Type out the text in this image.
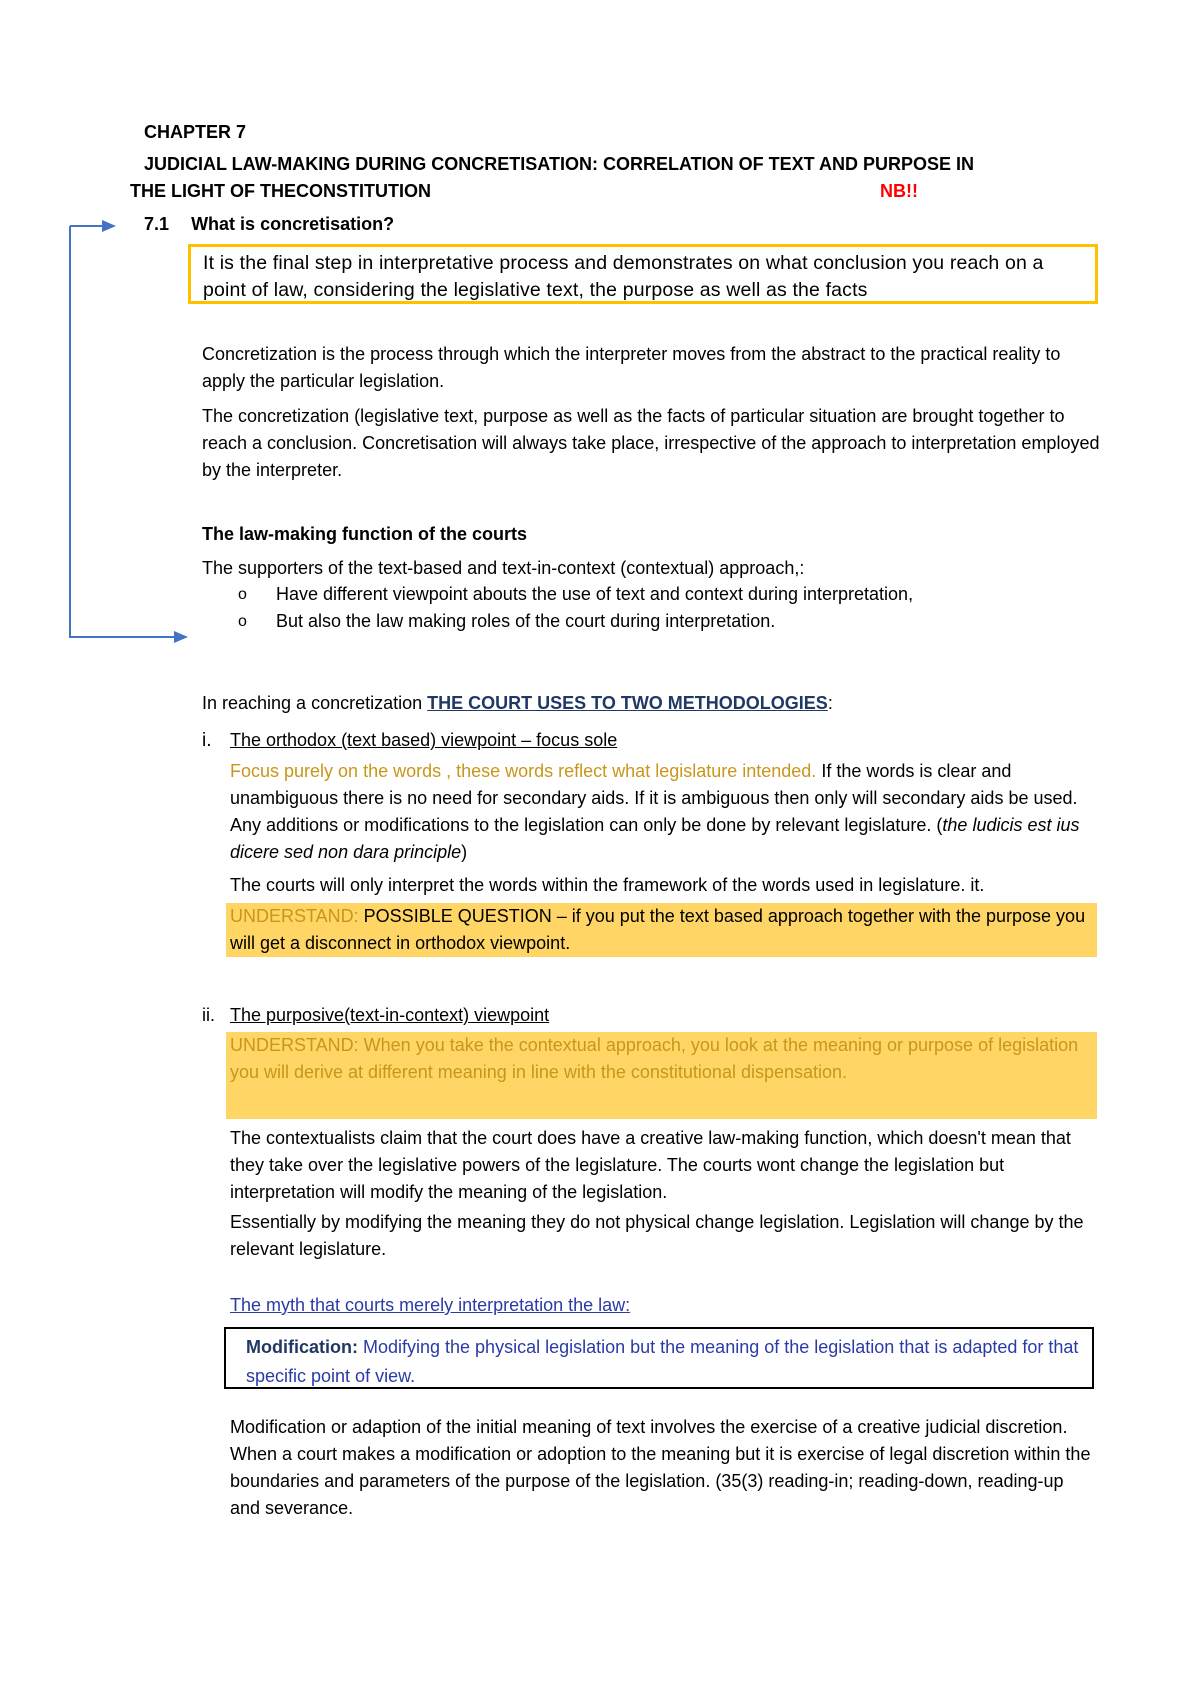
CHAPTER 7
JUDICIAL LAW-MAKING DURING CONCRETISATION: CORRELATION OF TEXT AND PURPOSE IN
THE LIGHT OF THECONSTITUTION	NB!!
7.1 What is concretisation?

It is the final step in interpretative process and demonstrates on what conclusion you reach on a point of law, considering the legislative text, the purpose as well as the facts

Concretization is the process through which the interpreter moves from the abstract to the practical reality to apply the particular legislation.

The concretization (legislative text, purpose as well as the facts of particular situation are brought together to reach a conclusion. Concretisation will always take place, irrespective of the approach to interpretation employed by the interpreter.

The law-making function of the courts
The supporters of the text-based and text-in-context (contextual) approach,:
o	Have different viewpoint abouts the use of text and context during interpretation,
o	But also the law making roles of the court during interpretation.
In reaching a concretization THE COURT USES TO TWO METHODOLOGIES:
i. The orthodox (text based) viewpoint – focus sole

Focus purely on the words , these words reflect what legislature intended. If the words is clear and unambiguous there is no need for secondary aids. If it is ambiguous then only will secondary aids be used. Any additions or modifications to the legislation can only be done by relevant legislature. (the ludicis est ius dicere sed non dara principle)

The courts will only interpret the words within the framework of the words used in legislature. it.

UNDERSTAND: POSSIBLE QUESTION – if you put the text based approach together with the purpose you will get a disconnect in orthodox viewpoint.
ii. The purposive(text-in-context) viewpoint
UNDERSTAND: When you take the contextual approach, you look at the meaning or purpose of legislation you will derive at different meaning in line with the constitutional dispensation.

The contextualists claim that the court does have a creative law-making function, which doesn't mean that they take over the legislative powers of the legislature. The courts wont change the legislation but interpretation will modify the meaning of the legislation.

Essentially by modifying the meaning they do not physical change legislation. Legislation will change by the relevant legislature.

The myth that courts merely interpretation the law:

Modification: Modifying the physical legislation but the meaning of the legislation that is adapted for that specific point of view.

Modification or adaption of the initial meaning of text involves the exercise of a creative judicial discretion. When a court makes a modification or adoption to the meaning but it is exercise of legal discretion within the boundaries and parameters of the purpose of the legislation. (35(3) reading-in; reading-down, reading-up and severance.
